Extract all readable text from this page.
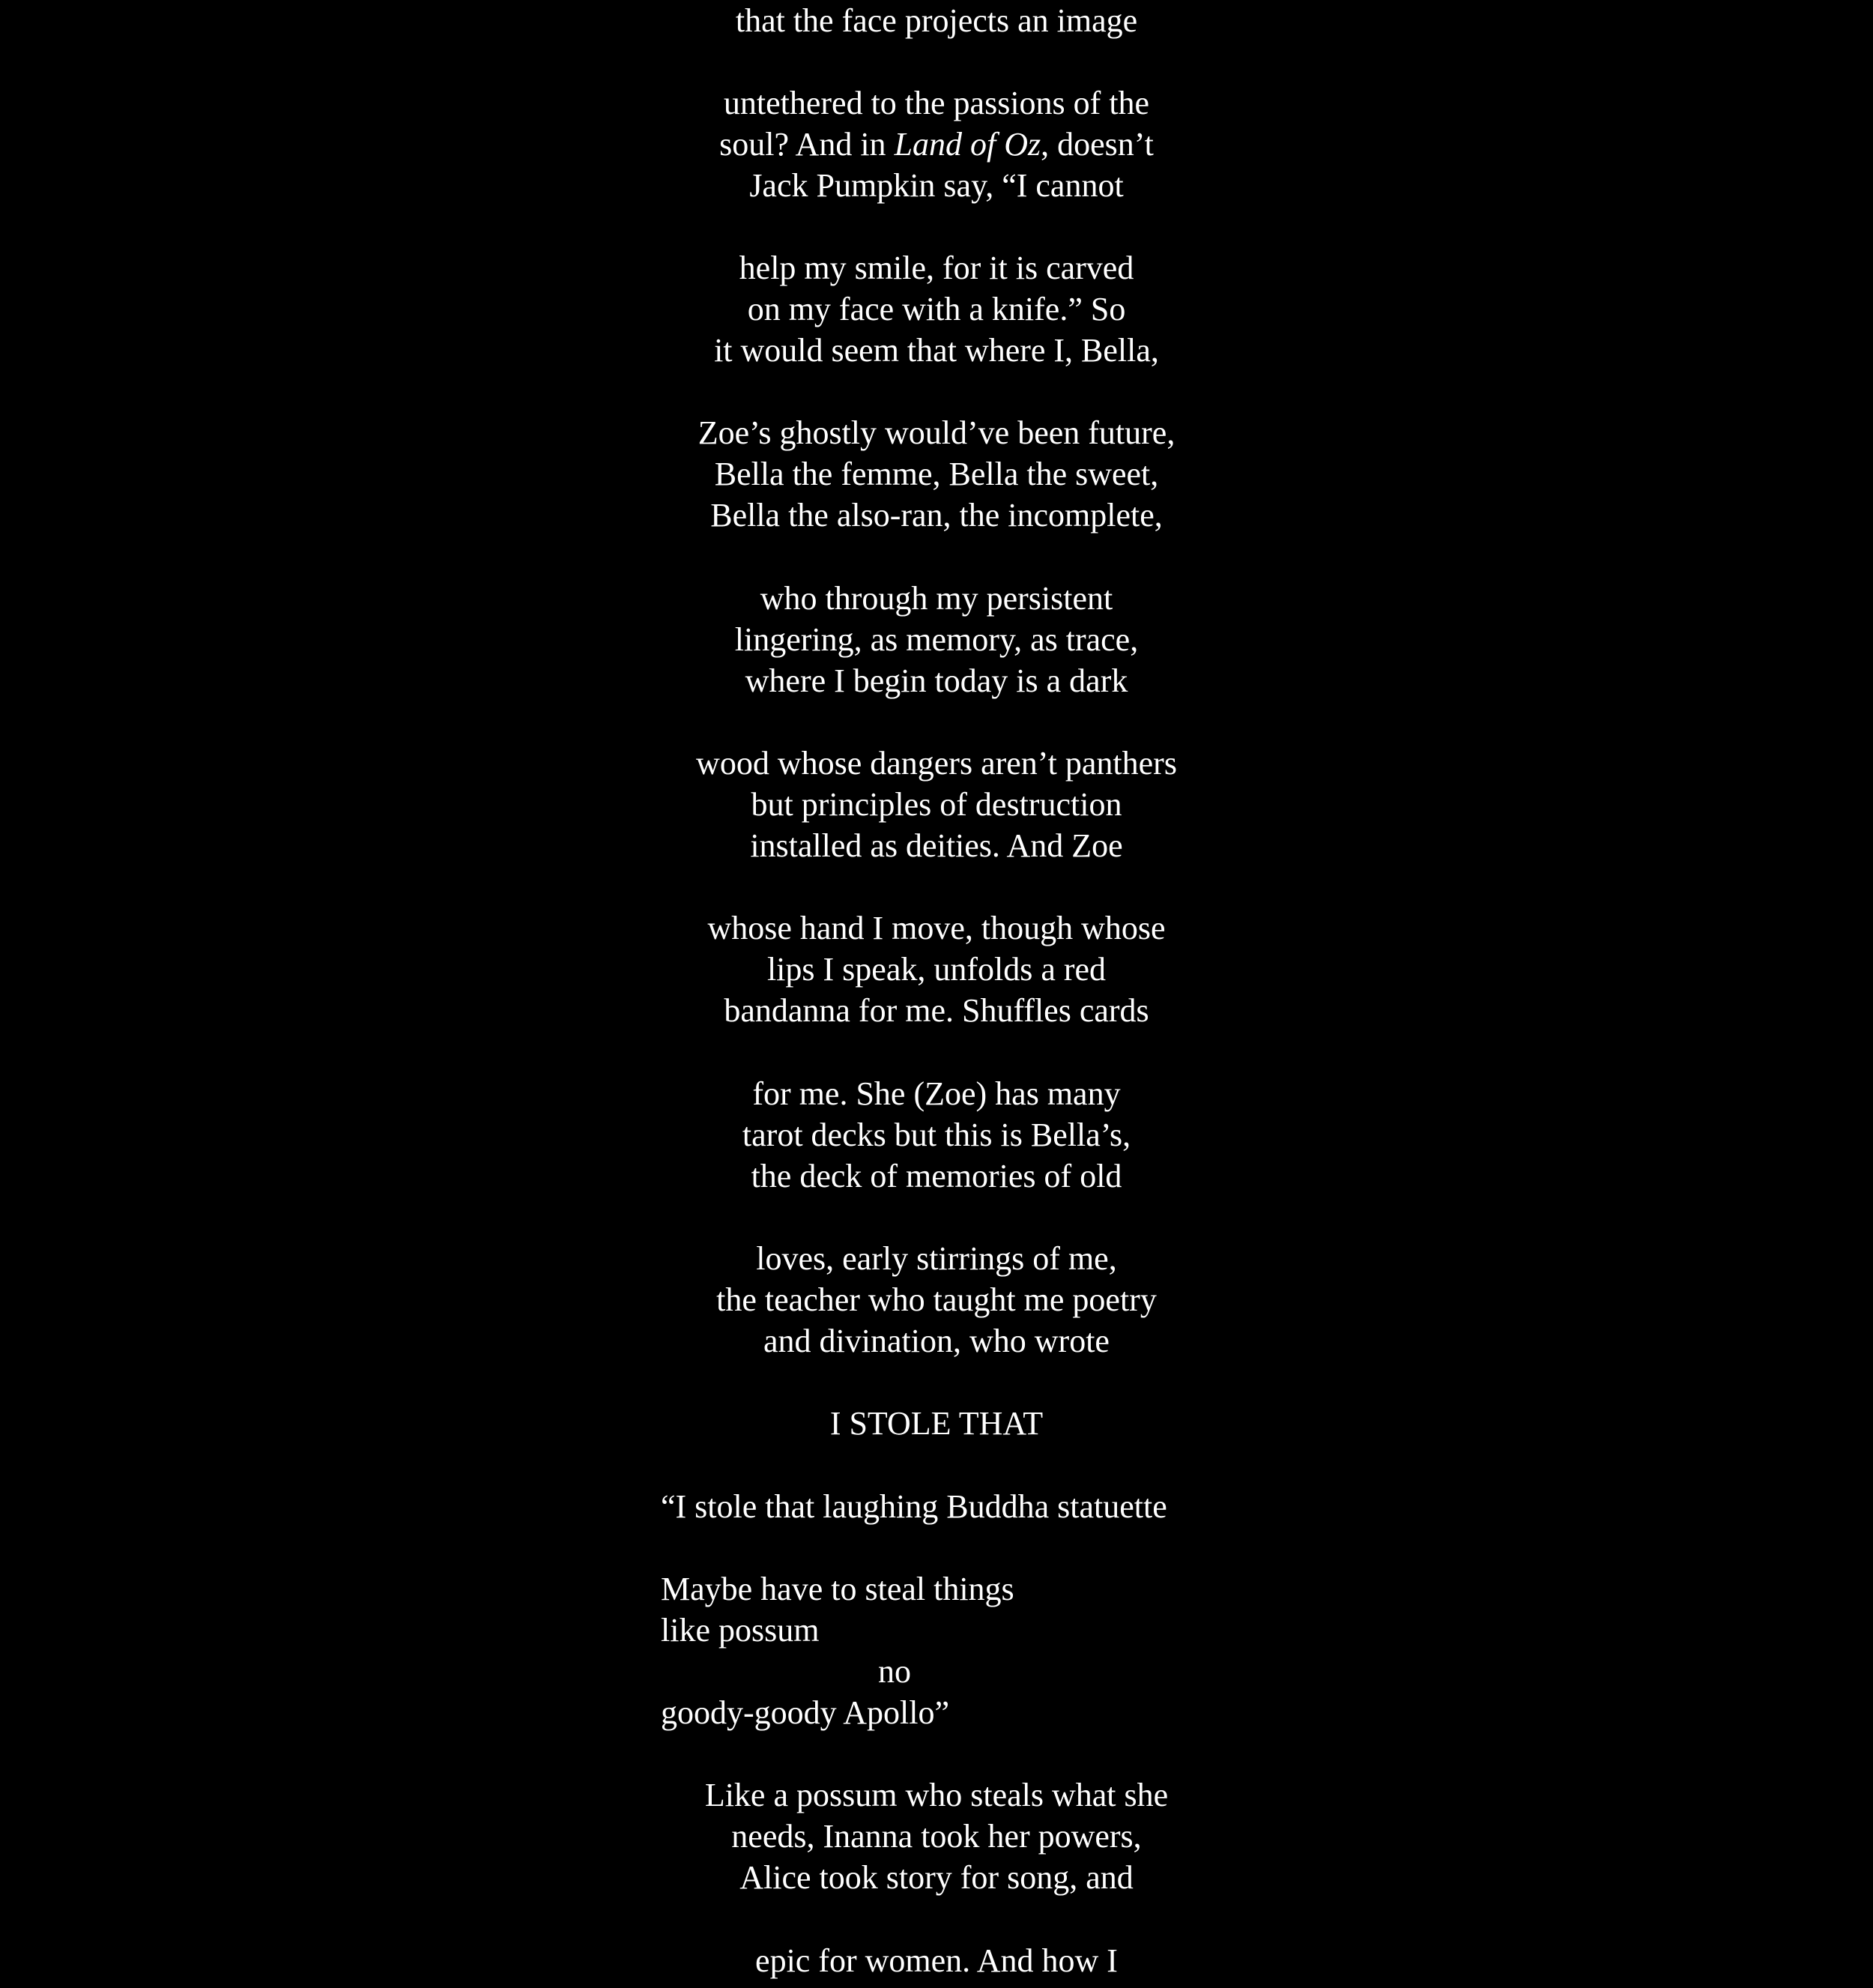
that the face projects an image
untethered to the passions of the
soul? And in Land of Oz, doesn’t
Jack Pumpkin say, “I cannot
help my smile, for it is carved
on my face with a knife.” So
it would seem that where I, Bella,
Zoe’s ghostly would’ve been future,
Bella the femme, Bella the sweet,
Bella the also-ran, the incomplete,
who through my persistent
lingering, as memory, as trace,
where I begin today is a dark
wood whose dangers aren’t panthers
but principles of destruction
installed as deities. And Zoe
whose hand I move, though whose
lips I speak, unfolds a red
bandanna for me. Shuffles cards
for me. She (Zoe) has many
tarot decks but this is Bella’s,
the deck of memories of old
loves, early stirrings of me,
the teacher who taught me poetry
and divination, who wrote
I STOLE THAT
“I stole that laughing Buddha statuette
Maybe have to steal things
like possum
no
goody-goody Apollo”
Like a possum who steals what she
needs, Inanna took her powers,
Alice took story for song, and
epic for women. And how I
